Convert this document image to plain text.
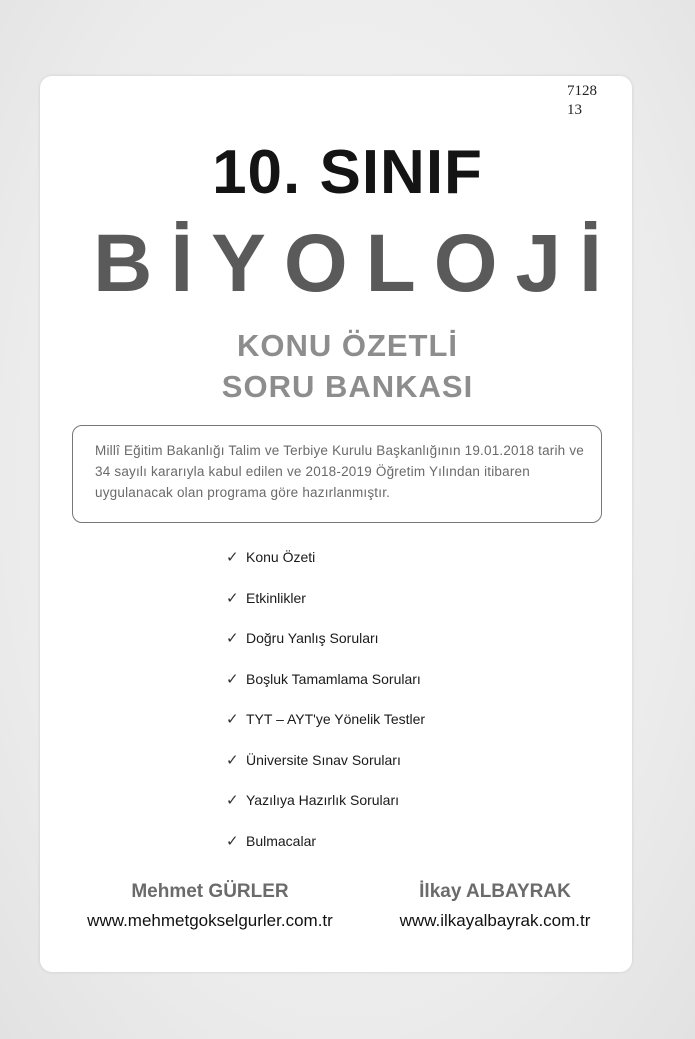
7128
13
10. SINIF
BİYOLOJİ
KONU ÖZETLİ
SORU BANKASI
Millî Eğitim Bakanlığı Talim ve Terbiye Kurulu Başkanlığının 19.01.2018 tarih ve 34 sayılı kararıyla kabul edilen ve 2018-2019 Öğretim Yılından itibaren uygulanacak olan programa göre hazırlanmıştır.
✓ Konu Özeti
✓ Etkinlikler
✓ Doğru Yanlış Soruları
✓ Boşluk Tamamlama Soruları
✓ TYT – AYT'ye Yönelik Testler
✓ Üniversite Sınav Soruları
✓ Yazılıya Hazırlık Soruları
✓ Bulmacalar
Mehmet GÜRLER
www.mehmetgokselgurler.com.tr
İlkay ALBAYRAK
www.ilkayalbayrak.com.tr
